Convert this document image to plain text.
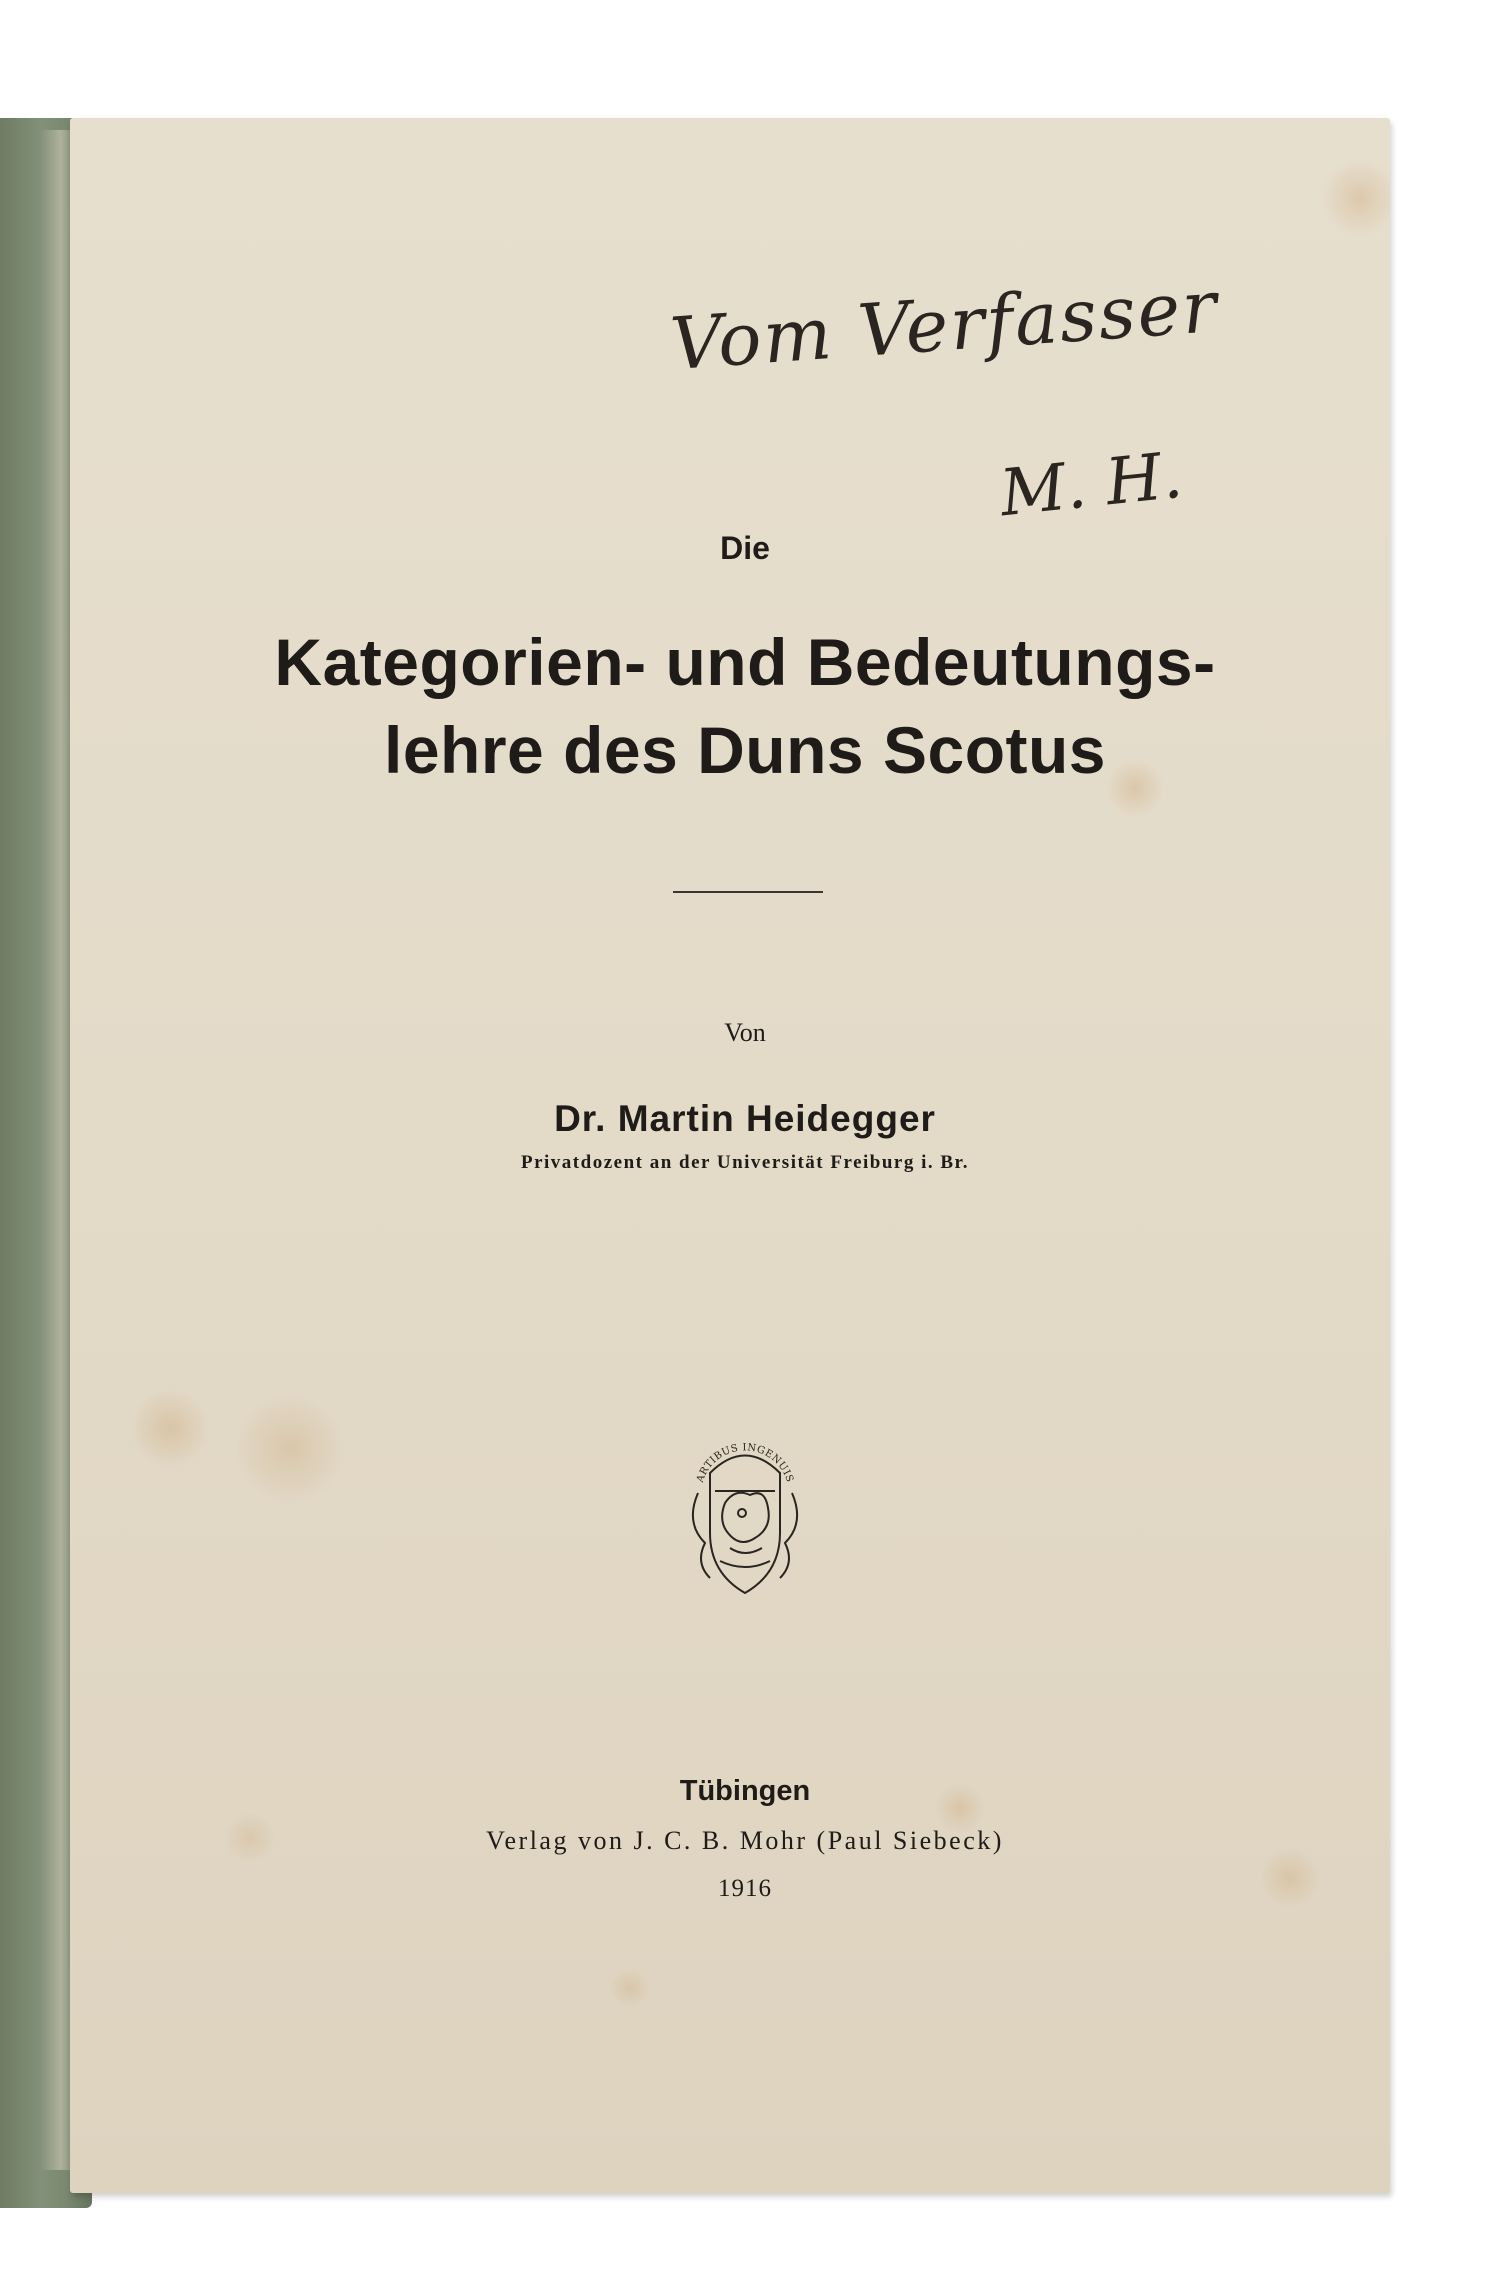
Vom Verfasser
M. H.
Die
Kategorien- und Bedeutungs-
lehre des Duns Scotus
Von
Dr. Martin Heidegger
Privatdozent an der Universität Freiburg i. Br.
ARTIBUS INGENUIS
Tübingen
Verlag von J. C. B. Mohr (Paul Siebeck)
1916
